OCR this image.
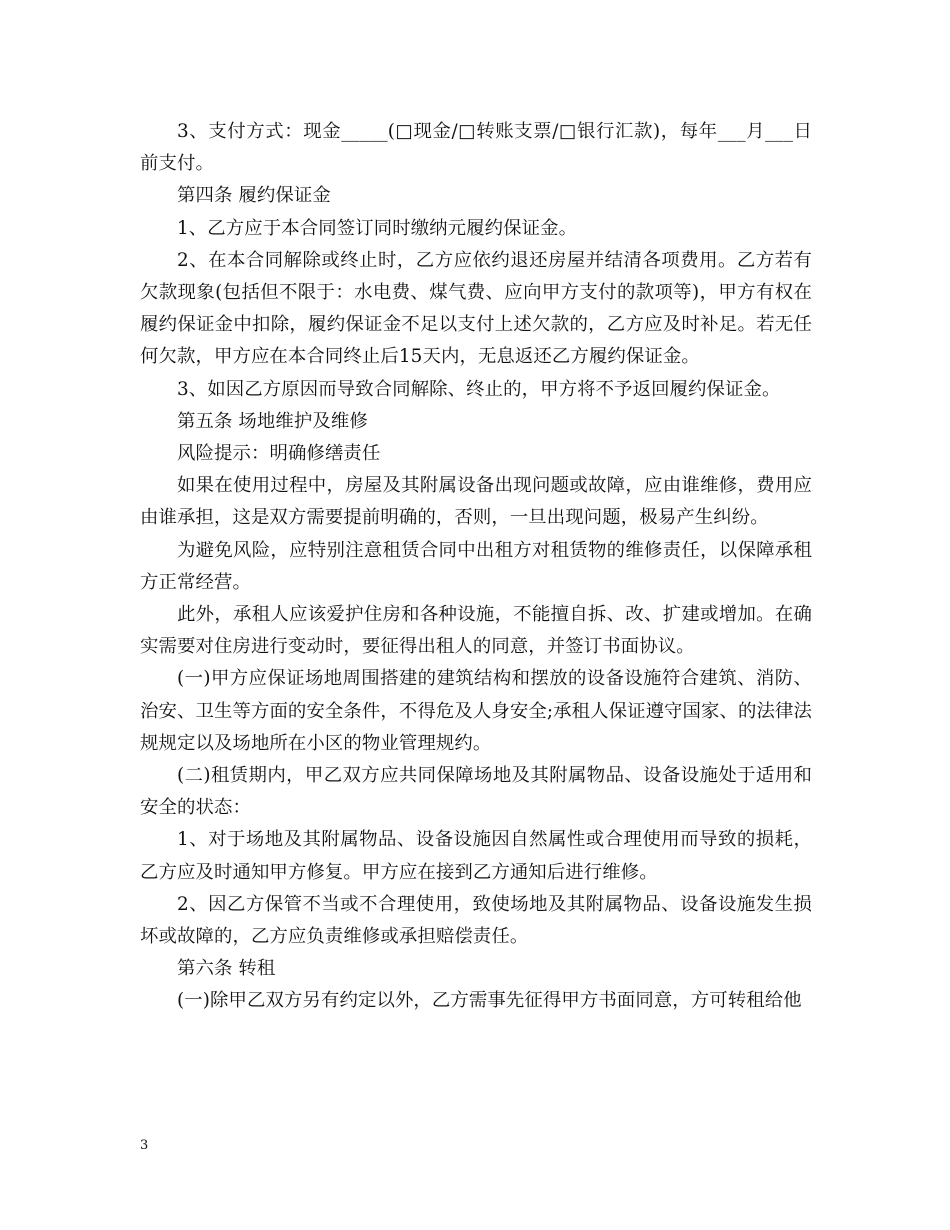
3、支付方式：现金_____(□现金/□转账支票/□银行汇款)，每年___月___日前支付。

第四条 履约保证金

1、乙方应于本合同签订同时缴纳元履约保证金。

2、在本合同解除或终止时，乙方应依约退还房屋并结清各项费用。乙方若有欠款现象(包括但不限于：水电费、煤气费、应向甲方支付的款项等)，甲方有权在履约保证金中扣除，履约保证金不足以支付上述欠款的，乙方应及时补足。若无任何欠款，甲方应在本合同终止后15天内，无息返还乙方履约保证金。

3、如因乙方原因而导致合同解除、终止的，甲方将不予返回履约保证金。

第五条 场地维护及维修

风险提示：明确修缮责任

如果在使用过程中，房屋及其附属设备出现问题或故障，应由谁维修，费用应由谁承担，这是双方需要提前明确的，否则，一旦出现问题，极易产生纠纷。

为避免风险，应特别注意租赁合同中出租方对租赁物的维修责任，以保障承租方正常经营。

此外，承租人应该爱护住房和各种设施，不能擅自拆、改、扩建或增加。在确实需要对住房进行变动时，要征得出租人的同意，并签订书面协议。

(一)甲方应保证场地周围搭建的建筑结构和摆放的设备设施符合建筑、消防、治安、卫生等方面的安全条件，不得危及人身安全;承租人保证遵守国家、的法律法规规定以及场地所在小区的物业管理规约。

(二)租赁期内，甲乙双方应共同保障场地及其附属物品、设备设施处于适用和安全的状态：

1、对于场地及其附属物品、设备设施因自然属性或合理使用而导致的损耗，乙方应及时通知甲方修复。甲方应在接到乙方通知后进行维修。

2、因乙方保管不当或不合理使用，致使场地及其附属物品、设备设施发生损坏或故障的，乙方应负责维修或承担赔偿责任。

第六条 转租

(一)除甲乙双方另有约定以外，乙方需事先征得甲方书面同意，方可转租给他

3
